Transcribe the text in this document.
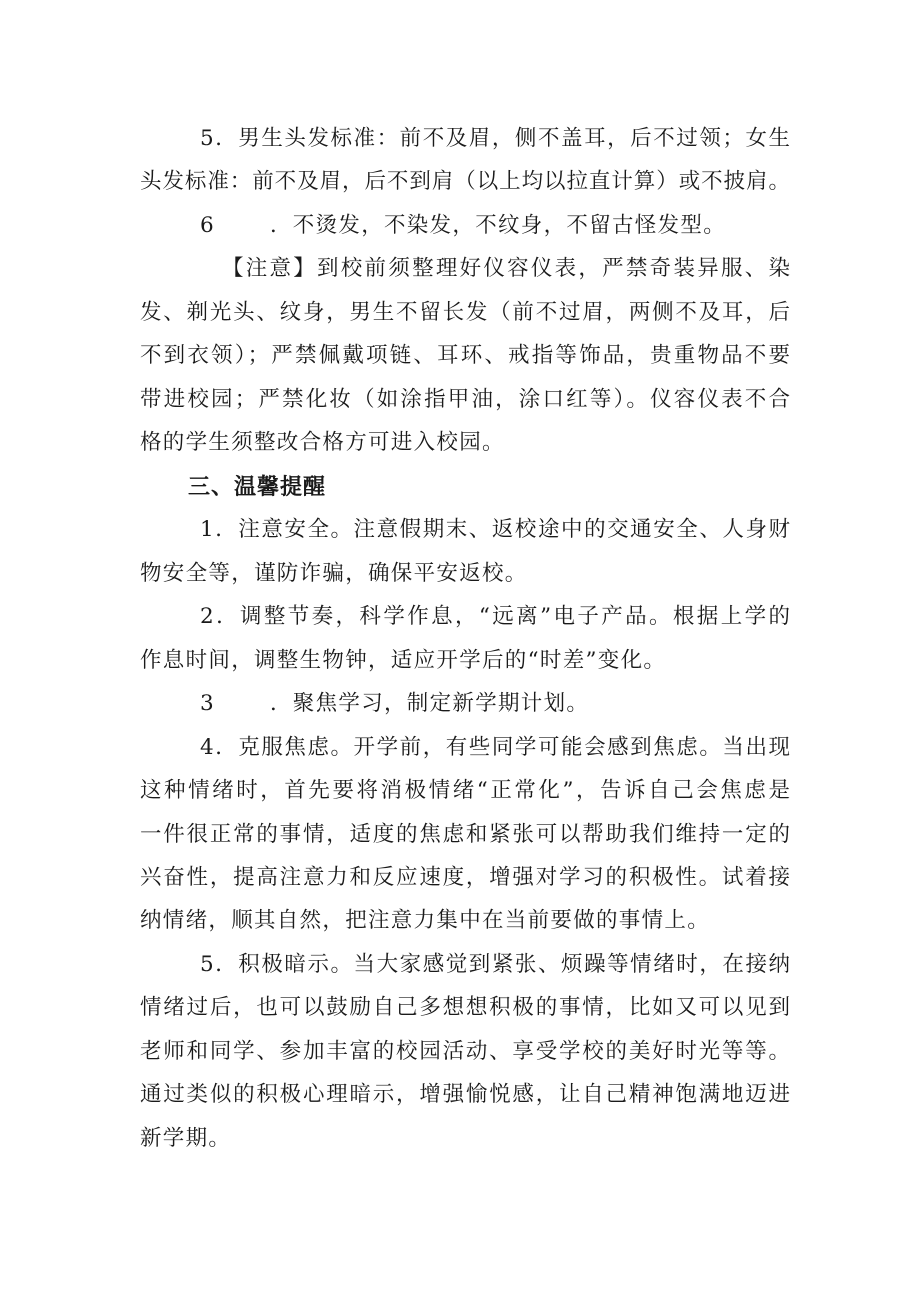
5．男生头发标准：前不及眉，侧不盖耳，后不过领；女生
头发标准：前不及眉，后不到肩（以上均以拉直计算）或不披肩。
6	．不烫发，不染发，不纹身，不留古怪发型。
【注意】到校前须整理好仪容仪表，严禁奇装异服、染
发、剃光头、纹身，男生不留长发（前不过眉，两侧不及耳，后
不到衣领）；严禁佩戴项链、耳环、戒指等饰品，贵重物品不要
带进校园；严禁化妆（如涂指甲油，涂口红等）。仪容仪表不合
格的学生须整改合格方可进入校园。
三、温馨提醒
1．注意安全。注意假期末、返校途中的交通安全、人身财
物安全等，谨防诈骗，确保平安返校。
2．调整节奏，科学作息，“远离”电子产品。根据上学的
作息时间，调整生物钟，适应开学后的“时差”变化。
3	．聚焦学习，制定新学期计划。
4．克服焦虑。开学前，有些同学可能会感到焦虑。当出现
这种情绪时，首先要将消极情绪“正常化”，告诉自己会焦虑是
一件很正常的事情，适度的焦虑和紧张可以帮助我们维持一定的
兴奋性，提高注意力和反应速度，增强对学习的积极性。试着接
纳情绪，顺其自然，把注意力集中在当前要做的事情上。
5．积极暗示。当大家感觉到紧张、烦躁等情绪时，在接纳
情绪过后，也可以鼓励自己多想想积极的事情，比如又可以见到
老师和同学、参加丰富的校园活动、享受学校的美好时光等等。
通过类似的积极心理暗示，增强愉悦感，让自己精神饱满地迈进
新学期。
